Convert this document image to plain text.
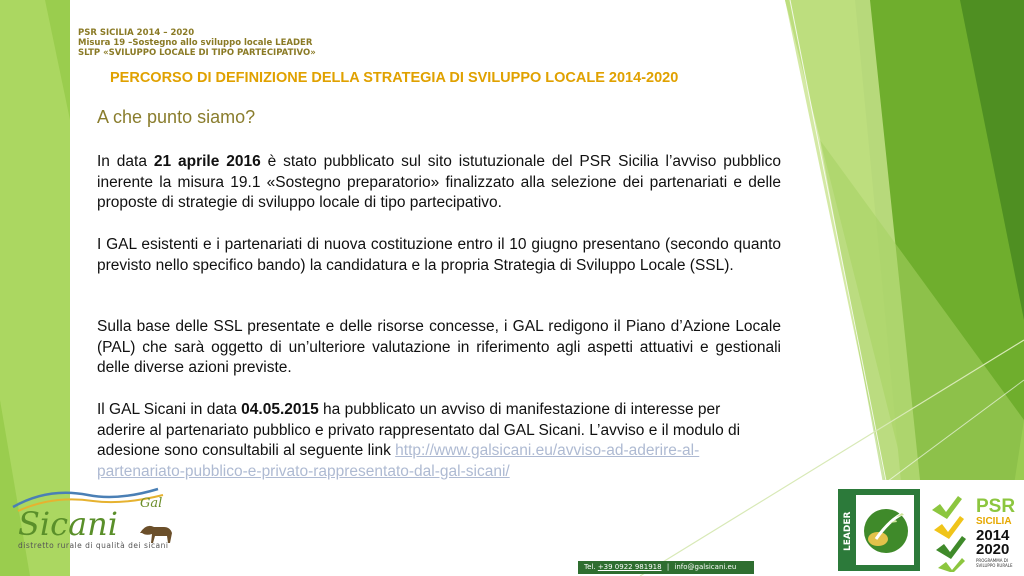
PSR SICILIA 2014 – 2020
Misura 19 –Sostegno allo sviluppo locale LEADER
SLTP «SVILUPPO LOCALE DI TIPO PARTECIPATIVO»
PERCORSO DI DEFINIZIONE DELLA STRATEGIA DI SVILUPPO LOCALE 2014-2020
A che punto siamo?

In data 21 aprile 2016 è stato pubblicato sul sito istutuzionale del PSR Sicilia l’avviso pubblico inerente la misura 19.1 «Sostegno preparatorio» finalizzato alla selezione dei partenariati e delle proposte di strategie di sviluppo locale di tipo partecipativo.

I GAL esistenti e i partenariati di nuova costituzione entro il 10 giugno presentano (secondo quanto previsto nello specifico bando) la candidatura e la propria Strategia di Sviluppo Locale (SSL).

Sulla base delle SSL presentate e delle risorse concesse, i GAL redigono il Piano d’Azione Locale (PAL) che sarà oggetto di un’ulteriore valutazione in riferimento agli aspetti attuativi e gestionali delle diverse azioni previste.

Il GAL Sicani in data 04.05.2015 ha pubblicato un avviso di manifestazione di interesse per aderire al partenariato pubblico e privato rappresentato dal GAL Sicani. L’avviso e il modulo di adesione sono consultabili al seguente link http://www.galsicani.eu/avviso-ad-aderire-al-partenariato-pubblico-e-privato-rappresentato-dal-gal-sicani/

Gal
Sicani
distretto rurale di qualità dei sicani
Tel. +39 0922 981918 | info@galsicani.eu
LEADER
PSR
SICILIA
2014
2020
PROGRAMMA DI
SVILUPPO RURALE
